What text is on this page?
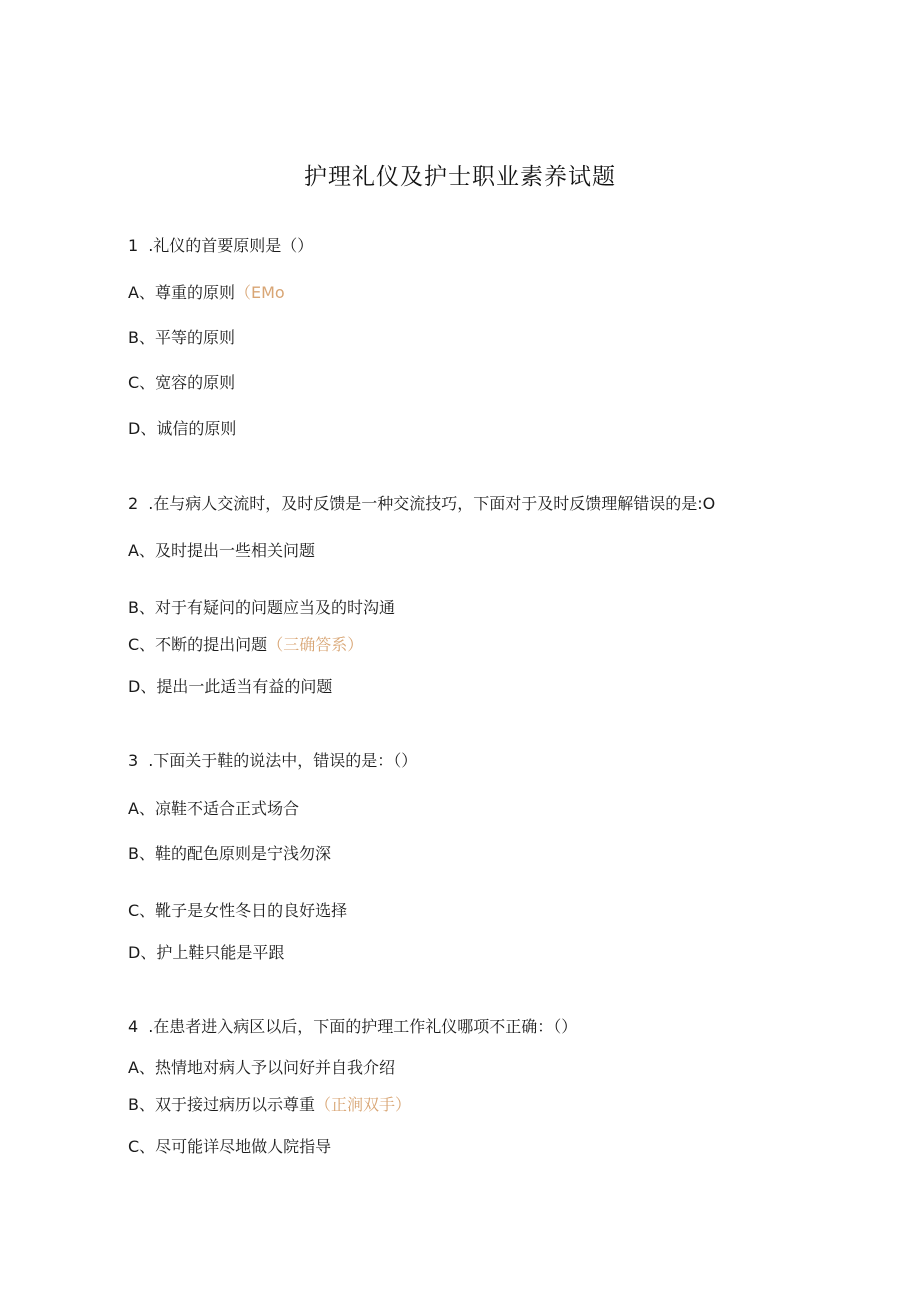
护理礼仪及护士职业素养试题
1 .礼仪的首要原则是（）
A、尊重的原则（EMo
B、平等的原则
C、宽容的原则
D、诚信的原则
2 .在与病人交流时，及时反馈是一种交流技巧，下面对于及时反馈理解错误的是:O
A、及时提出一些相关问题
B、对于有疑问的问题应当及的时沟通
C、不断的提出问题（三确答系）
D、提出一此适当有益的问题
3 .下面关于鞋的说法中，错误的是：（）
A、凉鞋不适合正式场合
B、鞋的配色原则是宁浅勿深
C、靴子是女性冬日的良好选择
D、护上鞋只能是平跟
4 .在患者进入病区以后，下面的护理工作礼仪哪项不正确：（）
A、热情地对病人予以问好并自我介绍
B、双于接过病历以示尊重（正涧双手）
C、尽可能详尽地做人院指导
